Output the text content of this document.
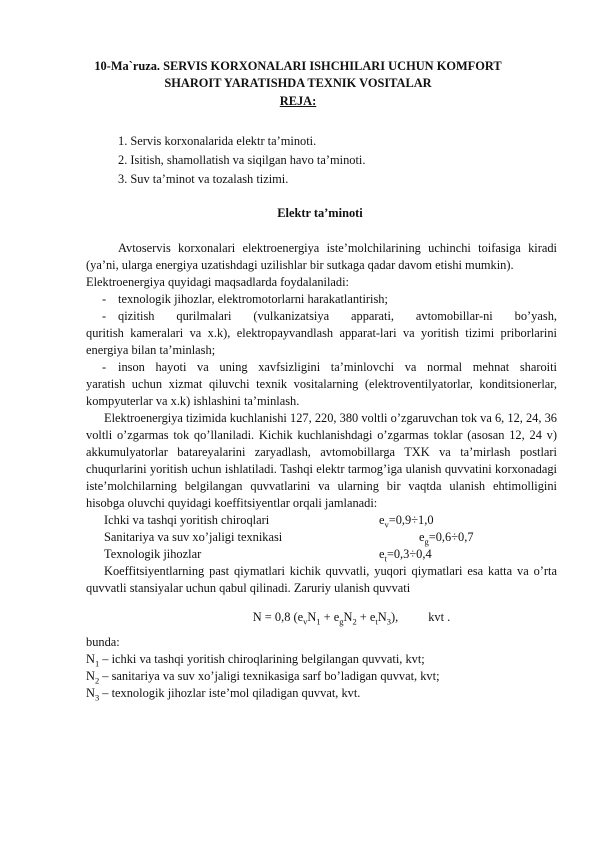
10-Ma`ruza. SERVIS KORXONALARI ISHCHILARI UCHUN KOMFORT
SHAROIT YARATISHDA TEXNIK VOSITALAR
REJA:
1. Servis korxonalarida elektr ta’minoti.
2. Isitish, shamollatish va siqilgan havo ta’minoti.
3. Suv ta’minot va tozalash tizimi.
Elektr ta’minoti
Avtoservis korxonalari elektroenergiya iste’molchilarining uchinchi toifasiga kiradi (ya’ni, ularga energiya uzatishdagi uzilishlar bir sutkaga qadar davom etishi mumkin).
Elektroenergiya quyidagi maqsadlarda foydalaniladi:
- texnologik jihozlar, elektromotorlarni harakatlantirish;
- qizitish qurilmalari (vulkanizatsiya apparati, avtomobillar-ni bo’yash,
quritish kameralari va x.k), elektropayvandlash apparat-lari va yoritish tizimi priborlarini energiya bilan ta’minlash;
- inson hayoti va uning xavfsizligini ta’minlovchi va normal mehnat sharoiti
yaratish uchun xizmat qiluvchi texnik vositalarning (elektroventilyatorlar, konditsionerlar, kompyuterlar va x.k) ishlashini ta’minlash.
Elektroenergiya tizimida kuchlanishi 127, 220, 380 voltli o’zgaruvchan tok va 6, 12, 24, 36 voltli o’zgarmas tok qo’llaniladi. Kichik kuchlanishdagi o’zgarmas toklar (asosan 12, 24 v) akkumulyatorlar batareyalarini zaryadlash, avtomobillarga TXK va ta’mirlash postlari chuqurlarini yoritish uchun ishlatiladi. Tashqi elektr tarmog’iga ulanish quvvatini korxonadagi iste’molchilarning belgilangan quvvatlarini va ularning bir vaqtda ulanish ehtimolligini hisobga oluvchi quyidagi koeffitsiyentlar orqali jamlanadi:
Ichki va tashqi yoritish chiroqlari	$e_v=0,9\div 1,0$
Sanitariya va suv xo’jaligi texnikasi	$e_g=0,6\div 0,7$
Texnologik jihozlar	$e_t=0,3\div 0,4$
Koeffitsiyentlarning past qiymatlari kichik quvvatli, yuqori qiymatlari esa katta va o’rta quvvatli stansiyalar uchun qabul qilinadi. Zaruriy ulanish quvvati
N = 0,8 $(e_vN_1 + e_gN_2 + e_tN_3)$, kvt .
bunda:
$N_1$ – ichki va tashqi yoritish chiroqlarining belgilangan quvvati, kvt;
$N_2$ – sanitariya va suv xo’jaligi texnikasiga sarf bo’ladigan quvvat, kvt;
$N_3$ – texnologik jihozlar iste’mol qiladigan quvvat, kvt.
